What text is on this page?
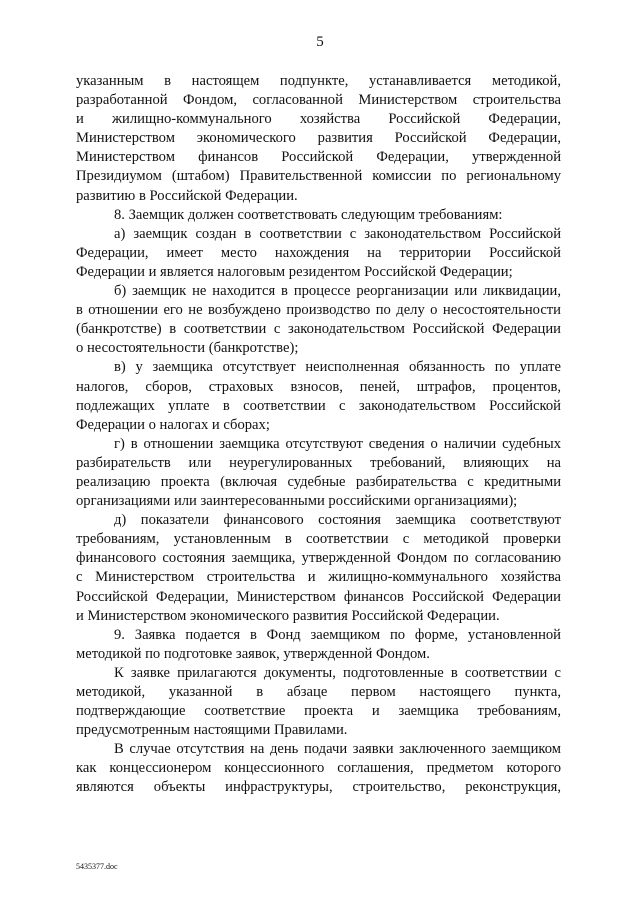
5
указанным в настоящем подпункте, устанавливается методикой,
разработанной Фондом, согласованной Министерством строительства
и жилищно-коммунального хозяйства Российской Федерации,
Министерством экономического развития Российской Федерации,
Министерством финансов Российской Федерации, утвержденной
Президиумом (штабом) Правительственной комиссии по региональному
развитию в Российской Федерации.
8. Заемщик должен соответствовать следующим требованиям:
а) заемщик создан в соответствии с законодательством Российской
Федерации, имеет место нахождения на территории Российской
Федерации и является налоговым резидентом Российской Федерации;
б) заемщик не находится в процессе реорганизации или ликвидации,
в отношении его не возбуждено производство по делу о несостоятельности
(банкротстве) в соответствии с законодательством Российской Федерации
о несостоятельности (банкротстве);
в) у заемщика отсутствует неисполненная обязанность по уплате
налогов, сборов, страховых взносов, пеней, штрафов, процентов,
подлежащих уплате в соответствии с законодательством Российской
Федерации о налогах и сборах;
г) в отношении заемщика отсутствуют сведения о наличии судебных
разбирательств или неурегулированных требований, влияющих на
реализацию проекта (включая судебные разбирательства с кредитными
организациями или заинтересованными российскими организациями);
д) показатели финансового состояния заемщика соответствуют
требованиям, установленным в соответствии с методикой проверки
финансового состояния заемщика, утвержденной Фондом по согласованию
с Министерством строительства и жилищно-коммунального хозяйства
Российской Федерации, Министерством финансов Российской Федерации
и Министерством экономического развития Российской Федерации.
9. Заявка подается в Фонд заемщиком по форме, установленной
методикой по подготовке заявок, утвержденной Фондом.
К заявке прилагаются документы, подготовленные в соответствии с
методикой, указанной в абзаце первом настоящего пункта,
подтверждающие соответствие проекта и заемщика требованиям,
предусмотренным настоящими Правилами.
В случае отсутствия на день подачи заявки заключенного заемщиком
как концессионером концессионного соглашения, предметом которого
являются объекты инфраструктуры, строительство, реконструкция,
5435377.doc
